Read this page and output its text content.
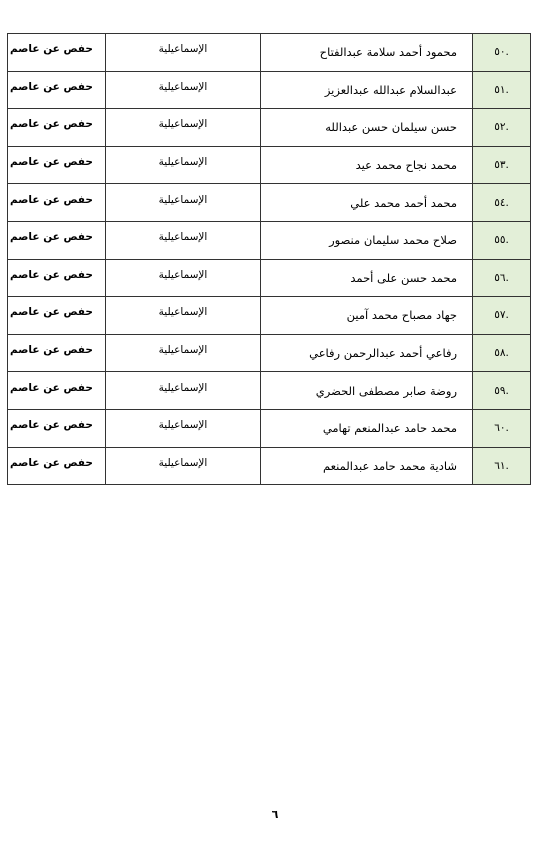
.٥٠	محمود أحمد سلامة عبدالفتاح	الإسماعيلية	حفص عن عاصم
.٥١	عبدالسلام عبدالله عبدالعزيز	الإسماعيلية	حفص عن عاصم
.٥٢	حسن سيلمان حسن عبدالله	الإسماعيلية	حفص عن عاصم
.٥٣	محمد نجاح محمد عيد	الإسماعيلية	حفص عن عاصم
.٥٤	محمد أحمد محمد علي	الإسماعيلية	حفص عن عاصم
.٥٥	صلاح محمد سليمان منصور	الإسماعيلية	حفص عن عاصم
.٥٦	محمد حسن على أحمد	الإسماعيلية	حفص عن عاصم
.٥٧	جهاد مصباح محمد آمين	الإسماعيلية	حفص عن عاصم
.٥٨	رفاعي أحمد عبدالرحمن رفاعي	الإسماعيلية	حفص عن عاصم
.٥٩	روضة صابر مصطفى الحضري	الإسماعيلية	حفص عن عاصم
.٦٠	محمد حامد عبدالمنعم تهامي	الإسماعيلية	حفص عن عاصم
.٦١	شادية محمد حامد عبدالمنعم	الإسماعيلية	حفص عن عاصم
٦
